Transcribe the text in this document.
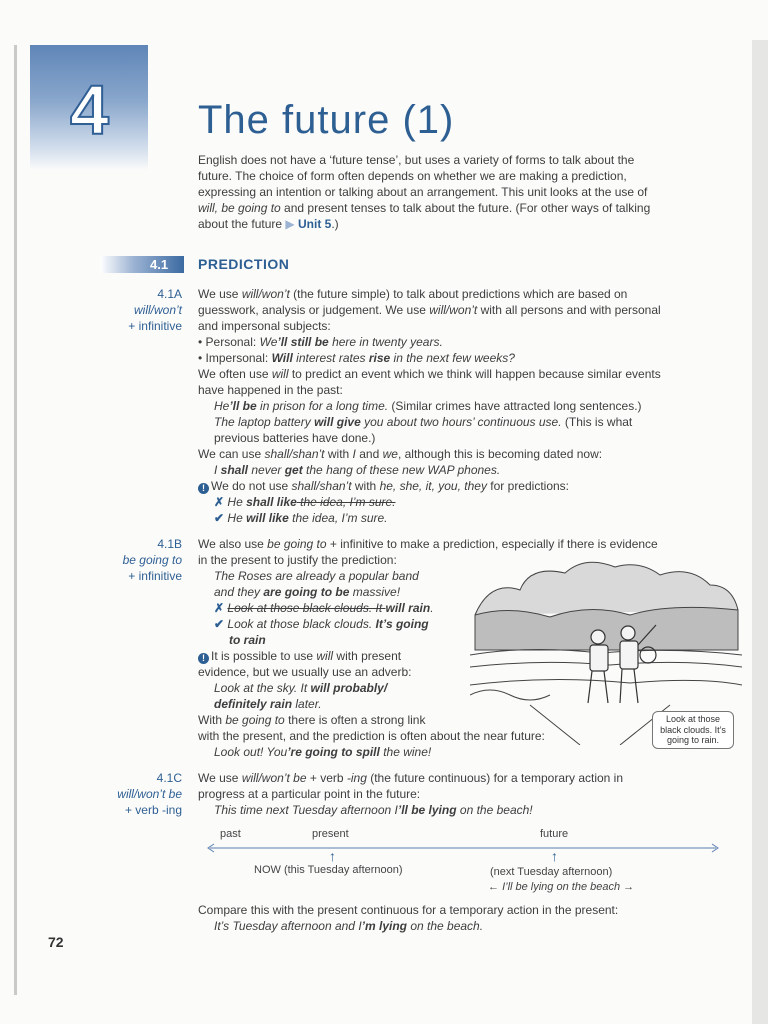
4 The future (1)
English does not have a ‘future tense’, but uses a variety of forms to talk about the
future. The choice of form often depends on whether we are making a prediction,
expressing an intention or talking about an arrangement. This unit looks at the use of
will, be going to and present tenses to talk about the future. (For other ways of talking
about the future ▶ Unit 5.)
4.1 PREDICTION
4.1A
will/won’t
+ infinitive
We use will/won’t (the future simple) to talk about predictions which are based on
guesswork, analysis or judgement. We use will/won’t with all persons and with personal
and impersonal subjects:
• Personal: We’ll still be here in twenty years.
• Impersonal: Will interest rates rise in the next few weeks?
We often use will to predict an event which we think will happen because similar events
have happened in the past:
He’ll be in prison for a long time. (Similar crimes have attracted long sentences.)
The laptop battery will give you about two hours’ continuous use. (This is what
previous batteries have done.)
We can use shall/shan’t with I and we, although this is becoming dated now:
I shall never get the hang of these new WAP phones.
! We do not use shall/shan’t with he, she, it, you, they for predictions:
✗ He shall like the idea, I’m sure.
✔ He will like the idea, I’m sure.
4.1B
be going to
+ infinitive
We also use be going to + infinitive to make a prediction, especially if there is evidence
in the present to justify the prediction:
The Roses are already a popular band
and they are going to be massive!
✗ Look at those black clouds. It will rain.
✔ Look at those black clouds. It’s going
to rain
! It is possible to use will with present
evidence, but we usually use an adverb:
Look at the sky. It will probably/
definitely rain later.
With be going to there is often a strong link
with the present, and the prediction is often about the near future:
Look out! You’re going to spill the wine!
Look at those
black clouds. It’s
going to rain.
4.1C
will/won’t be
+ verb -ing
We use will/won’t be + verb -ing (the future continuous) for a temporary action in
progress at a particular point in the future:
This time next Tuesday afternoon I’ll be lying on the beach!
past	present	future
↑	↑
NOW (this Tuesday afternoon)	(next Tuesday afternoon)
← I’ll be lying on the beach →
Compare this with the present continuous for a temporary action in the present:
It’s Tuesday afternoon and I’m lying on the beach.
72
